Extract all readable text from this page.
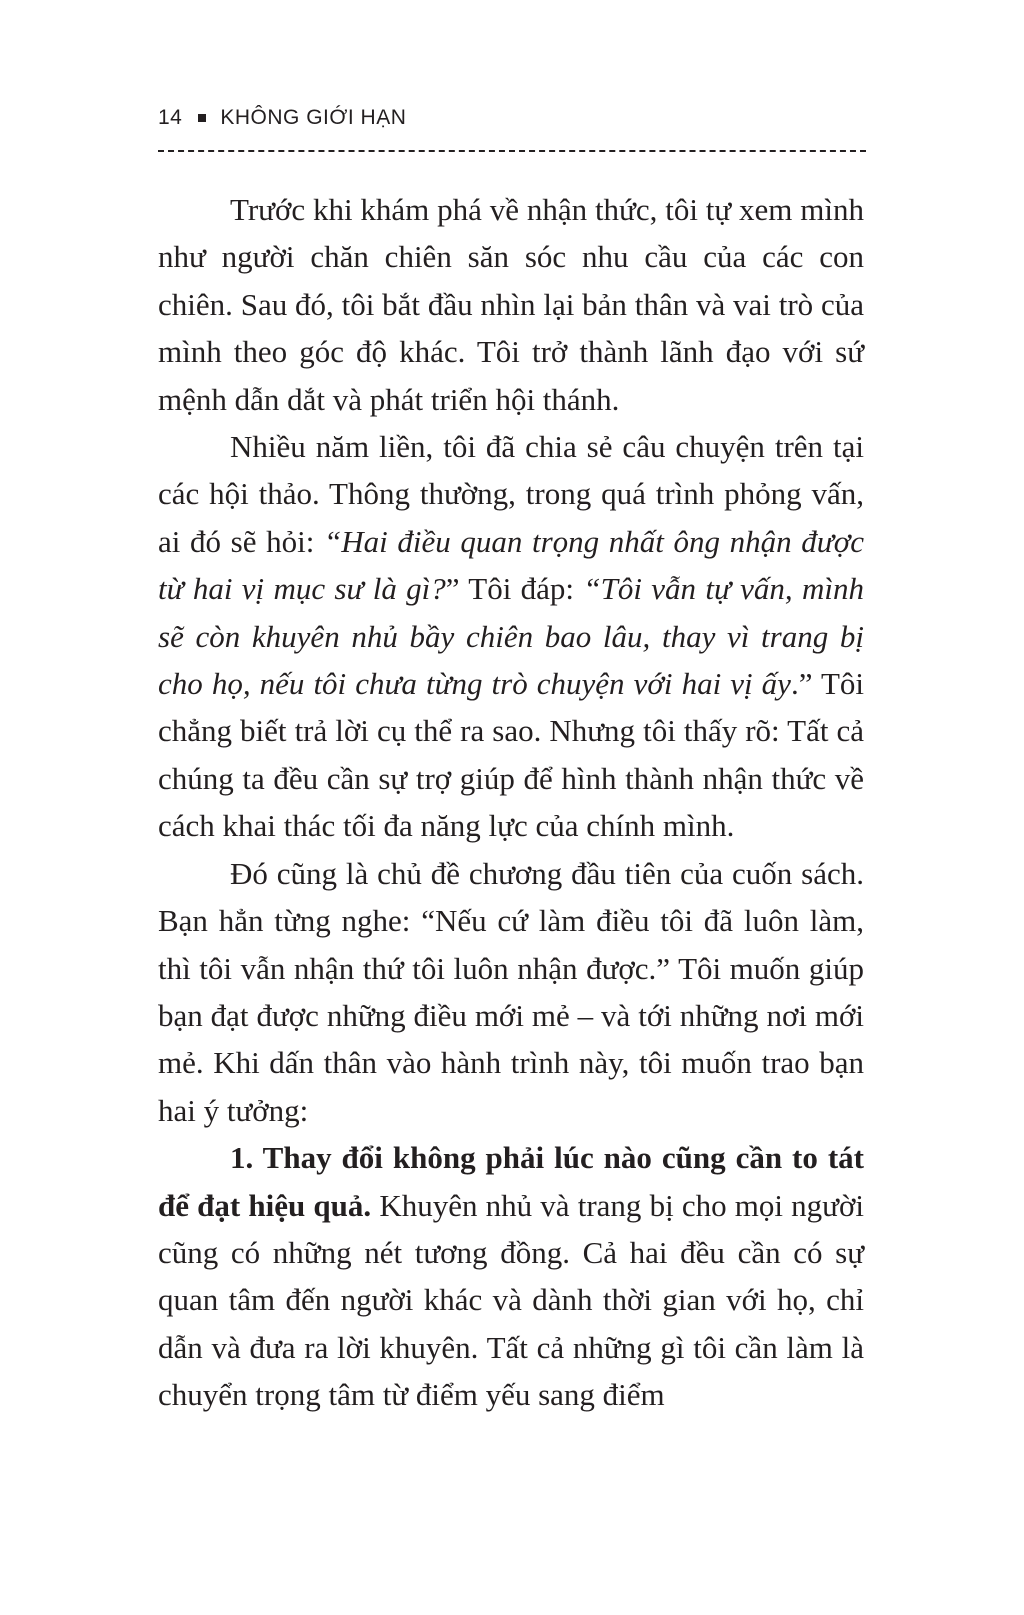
14 KHÔNG GIỚI HẠN

Trước khi khám phá về nhận thức, tôi tự xem mình như người chăn chiên săn sóc nhu cầu của các con chiên. Sau đó, tôi bắt đầu nhìn lại bản thân và vai trò của mình theo góc độ khác. Tôi trở thành lãnh đạo với sứ mệnh dẫn dắt và phát triển hội thánh.

Nhiều năm liền, tôi đã chia sẻ câu chuyện trên tại các hội thảo. Thông thường, trong quá trình phỏng vấn, ai đó sẽ hỏi: “Hai điều quan trọng nhất ông nhận được từ hai vị mục sư là gì?” Tôi đáp: “Tôi vẫn tự vấn, mình sẽ còn khuyên nhủ bầy chiên bao lâu, thay vì trang bị cho họ, nếu tôi chưa từng trò chuyện với hai vị ấy.” Tôi chẳng biết trả lời cụ thể ra sao. Nhưng tôi thấy rõ: Tất cả chúng ta đều cần sự trợ giúp để hình thành nhận thức về cách khai thác tối đa năng lực của chính mình.

Đó cũng là chủ đề chương đầu tiên của cuốn sách. Bạn hẳn từng nghe: “Nếu cứ làm điều tôi đã luôn làm, thì tôi vẫn nhận thứ tôi luôn nhận được.” Tôi muốn giúp bạn đạt được những điều mới mẻ – và tới những nơi mới mẻ. Khi dấn thân vào hành trình này, tôi muốn trao bạn hai ý tưởng:

1. Thay đổi không phải lúc nào cũng cần to tát để đạt hiệu quả. Khuyên nhủ và trang bị cho mọi người cũng có những nét tương đồng. Cả hai đều cần có sự quan tâm đến người khác và dành thời gian với họ, chỉ dẫn và đưa ra lời khuyên. Tất cả những gì tôi cần làm là chuyển trọng tâm từ điểm yếu sang điểm
